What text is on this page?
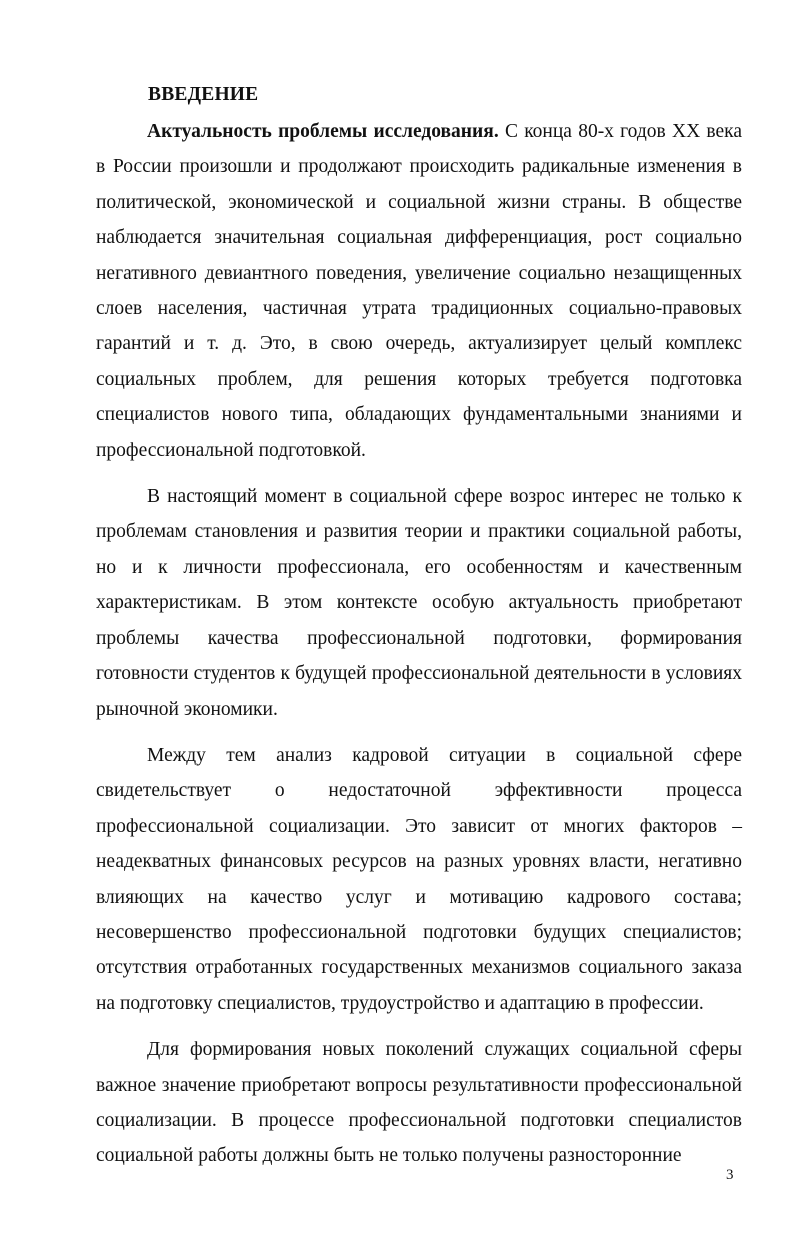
ВВЕДЕНИЕ

Актуальность проблемы исследования. С конца 80-х годов XX века в России произошли и продолжают происходить радикальные изменения в политической, экономической и социальной жизни страны. В обществе наблюдается значительная социальная дифференциация, рост социально негативного девиантного поведения, увеличение социально незащищенных слоев населения, частичная утрата традиционных социально-правовых гарантий и т. д. Это, в свою очередь, актуализирует целый комплекс социальных проблем, для решения которых требуется подготовка специалистов нового типа, обладающих фундаментальными знаниями и профессиональной подготовкой.

В настоящий момент в социальной сфере возрос интерес не только к проблемам становления и развития теории и практики социальной работы, но и к личности профессионала, его особенностям и качественным характеристикам. В этом контексте особую актуальность приобретают проблемы качества профессиональной подготовки, формирования готовности студентов к будущей профессиональной деятельности в условиях рыночной экономики.

Между тем анализ кадровой ситуации в социальной сфере свидетельствует о недостаточной эффективности процесса профессиональной социализации. Это зависит от многих факторов – неадекватных финансовых ресурсов на разных уровнях власти, негативно влияющих на качество услуг и мотивацию кадрового состава; несовершенство профессиональной подготовки будущих специалистов; отсутствия отработанных государственных механизмов социального заказа на подготовку специалистов, трудоустройство и адаптацию в профессии.

Для формирования новых поколений служащих социальной сферы важное значение приобретают вопросы результативности профессиональной социализации. В процессе профессиональной подготовки специалистов социальной работы должны быть не только получены разносторонние

3
